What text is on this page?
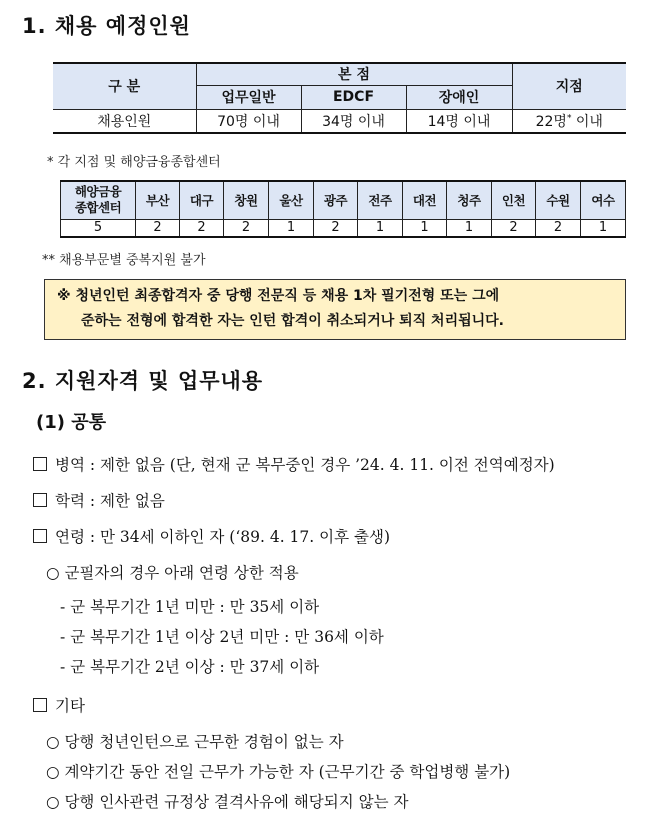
1. 채용 예정인원
구 분	본 점			지점
	업무일반	EDCF	장애인	
채용인원	70명 이내	34명 이내	14명 이내	22명* 이내
* 각 지점 및 해양금융종합센터
해양금융
종합센터	부산	대구	창원	울산	광주	전주	대전	청주	인천	수원	여수
5	2	2	2	1	2	1	1	1	2	2	1
** 채용부문별 중복지원 불가
※ 청년인턴 최종합격자 중 당행 전문직 등 채용 1차 필기전형 또는 그에
준하는 전형에 합격한 자는 인턴 합격이 취소되거나 퇴직 처리됩니다.
2. 지원자격 및 업무내용
(1) 공통
병역 : 제한 없음 (단, 현재 군 복무중인 경우 ’24. 4. 11. 이전 전역예정자)
학력 : 제한 없음
연령 : 만 34세 이하인 자 (‘89. 4. 17. 이후 출생)
○ 군필자의 경우 아래 연령 상한 적용
- 군 복무기간 1년 미만 : 만 35세 이하
- 군 복무기간 1년 이상 2년 미만 : 만 36세 이하
- 군 복무기간 2년 이상 : 만 37세 이하
기타
○ 당행 청년인턴으로 근무한 경험이 없는 자
○ 계약기간 동안 전일 근무가 가능한 자 (근무기간 중 학업병행 불가)
○ 당행 인사관련 규정상 결격사유에 해당되지 않는 자
